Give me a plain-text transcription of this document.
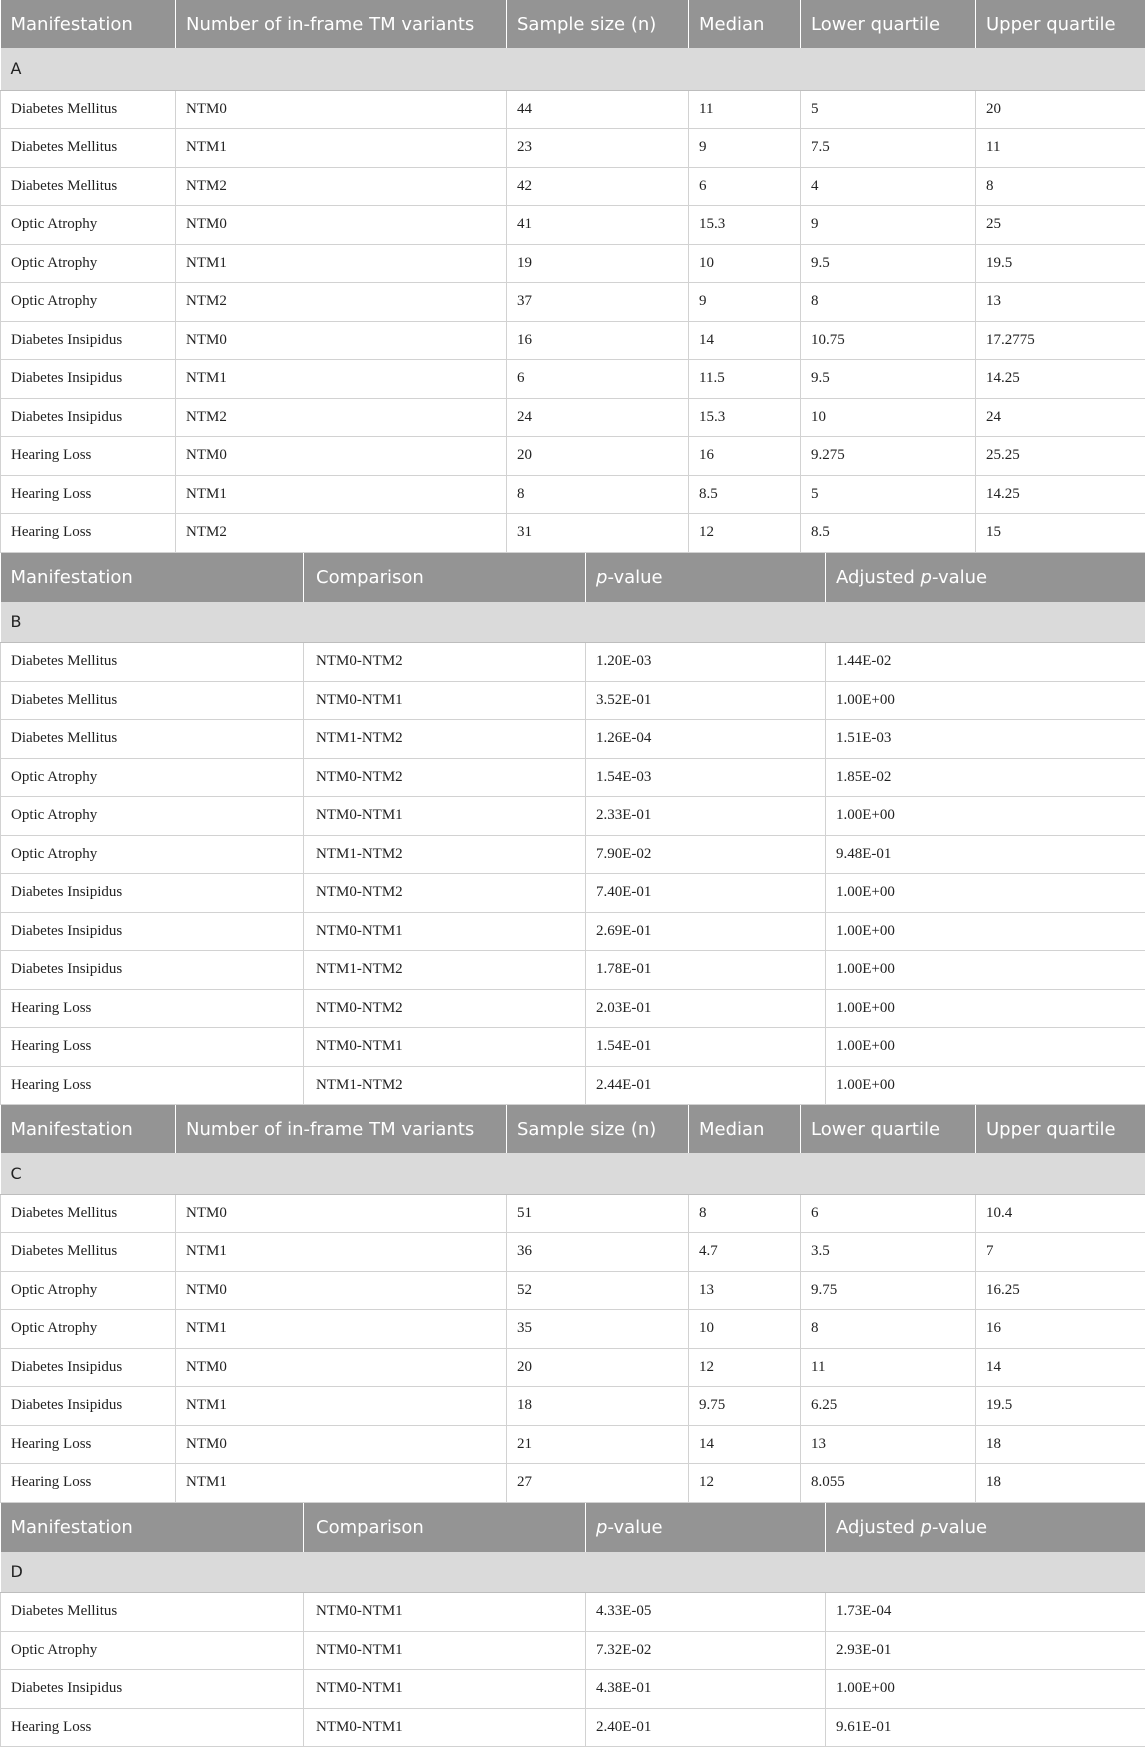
Manifestation	Number of in-frame TM variants	Sample size (n)	Median	Lower quartile	Upper quartile
A					
Diabetes Mellitus	NTM0	44	11	5	20
Diabetes Mellitus	NTM1	23	9	7.5	11
Diabetes Mellitus	NTM2	42	6	4	8
Optic Atrophy	NTM0	41	15.3	9	25
Optic Atrophy	NTM1	19	10	9.5	19.5
Optic Atrophy	NTM2	37	9	8	13
Diabetes Insipidus	NTM0	16	14	10.75	17.2775
Diabetes Insipidus	NTM1	6	11.5	9.5	14.25
Diabetes Insipidus	NTM2	24	15.3	10	24
Hearing Loss	NTM0	20	16	9.275	25.25
Hearing Loss	NTM1	8	8.5	5	14.25
Hearing Loss	NTM2	31	12	8.5	15
Manifestation	Comparison	p-value	Adjusted p-value
B			
Diabetes Mellitus	NTM0-NTM2	1.20E-03	1.44E-02
Diabetes Mellitus	NTM0-NTM1	3.52E-01	1.00E+00
Diabetes Mellitus	NTM1-NTM2	1.26E-04	1.51E-03
Optic Atrophy	NTM0-NTM2	1.54E-03	1.85E-02
Optic Atrophy	NTM0-NTM1	2.33E-01	1.00E+00
Optic Atrophy	NTM1-NTM2	7.90E-02	9.48E-01
Diabetes Insipidus	NTM0-NTM2	7.40E-01	1.00E+00
Diabetes Insipidus	NTM0-NTM1	2.69E-01	1.00E+00
Diabetes Insipidus	NTM1-NTM2	1.78E-01	1.00E+00
Hearing Loss	NTM0-NTM2	2.03E-01	1.00E+00
Hearing Loss	NTM0-NTM1	1.54E-01	1.00E+00
Hearing Loss	NTM1-NTM2	2.44E-01	1.00E+00
Manifestation	Number of in-frame TM variants	Sample size (n)	Median	Lower quartile	Upper quartile
C					
Diabetes Mellitus	NTM0	51	8	6	10.4
Diabetes Mellitus	NTM1	36	4.7	3.5	7
Optic Atrophy	NTM0	52	13	9.75	16.25
Optic Atrophy	NTM1	35	10	8	16
Diabetes Insipidus	NTM0	20	12	11	14
Diabetes Insipidus	NTM1	18	9.75	6.25	19.5
Hearing Loss	NTM0	21	14	13	18
Hearing Loss	NTM1	27	12	8.055	18
Manifestation	Comparison	p-value	Adjusted p-value
D			
Diabetes Mellitus	NTM0-NTM1	4.33E-05	1.73E-04
Optic Atrophy	NTM0-NTM1	7.32E-02	2.93E-01
Diabetes Insipidus	NTM0-NTM1	4.38E-01	1.00E+00
Hearing Loss	NTM0-NTM1	2.40E-01	9.61E-01
